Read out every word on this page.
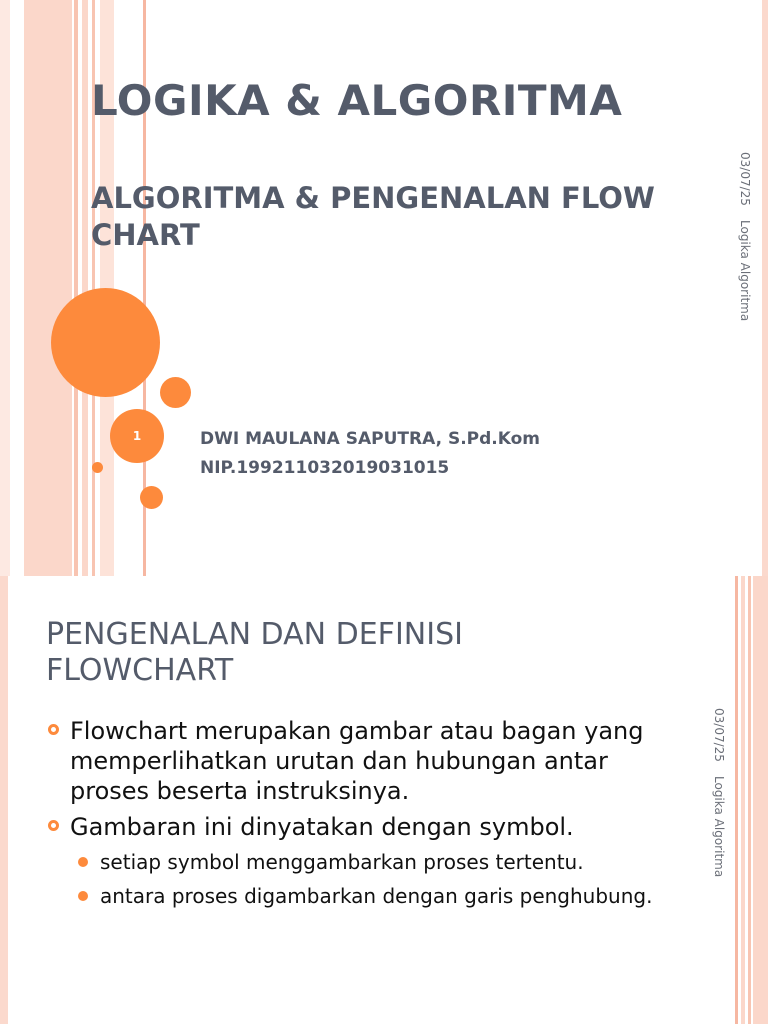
1
LOGIKA & ALGORITMA
ALGORITMA & PENGENALAN FLOW CHART
DWI MAULANA SAPUTRA, S.Pd.Kom
NIP.199211032019031015
03/07/25
Logika Algoritma
03/07/25
Logika Algoritma
PENGENALAN DAN DEFINISI FLOWCHART
Flowchart merupakan gambar atau bagan yang memperlihatkan urutan dan hubungan antar proses beserta instruksinya.
Gambaran ini dinyatakan dengan symbol.
setiap symbol menggambarkan proses tertentu.
antara proses digambarkan dengan garis penghubung.
